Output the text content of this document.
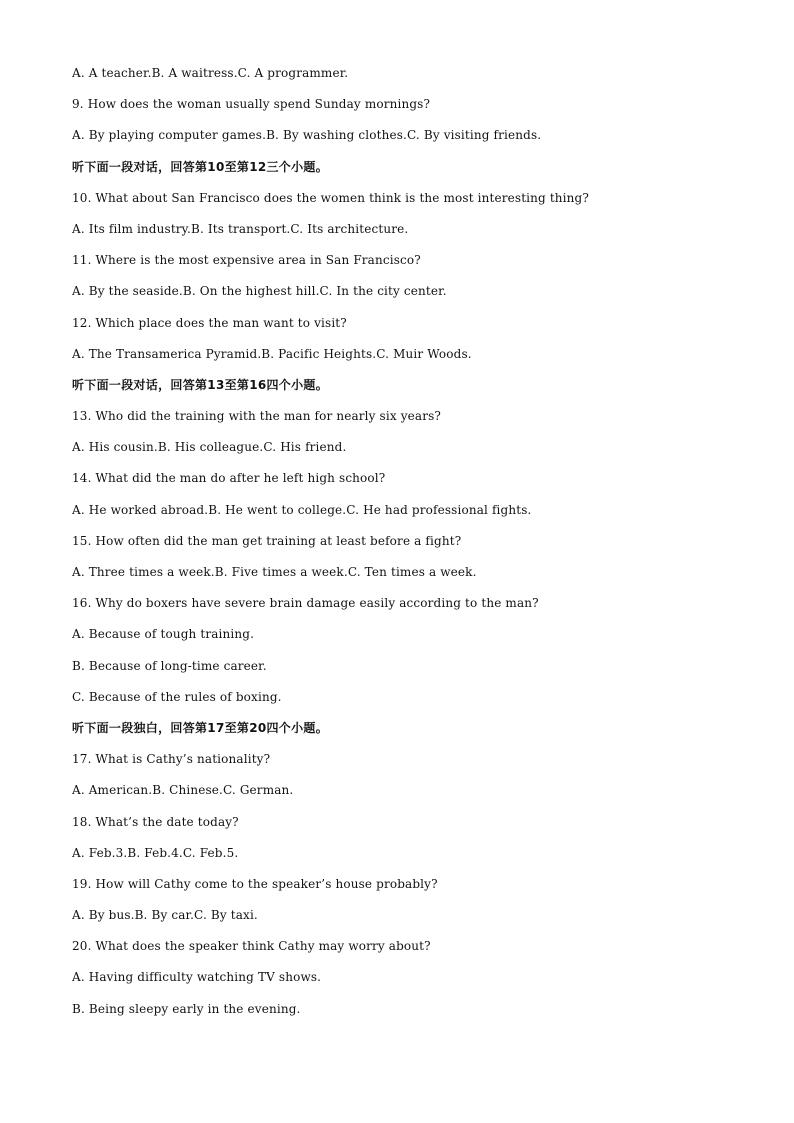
A. A teacher.B. A waitress.C. A programmer.
9. How does the woman usually spend Sunday mornings?
A. By playing computer games.B. By washing clothes.C. By visiting friends.
听下面一段对话，回答第10至第12三个小题。
10. What about San Francisco does the women think is the most interesting thing?
A. Its film industry.B. Its transport.C. Its architecture.
11. Where is the most expensive area in San Francisco?
A. By the seaside.B. On the highest hill.C. In the city center.
12. Which place does the man want to visit?
A. The Transamerica Pyramid.B. Pacific Heights.C. Muir Woods.
听下面一段对话，回答第13至第16四个小题。
13. Who did the training with the man for nearly six years?
A. His cousin.B. His colleague.C. His friend.
14. What did the man do after he left high school?
A. He worked abroad.B. He went to college.C. He had professional fights.
15. How often did the man get training at least before a fight?
A. Three times a week.B. Five times a week.C. Ten times a week.
16. Why do boxers have severe brain damage easily according to the man?
A. Because of tough training.
B. Because of long-time career.
C. Because of the rules of boxing.
听下面一段独白，回答第17至第20四个小题。
17. What is Cathy’s nationality?
A. American.B. Chinese.C. German.
18. What’s the date today?
A. Feb.3.B. Feb.4.C. Feb.5.
19. How will Cathy come to the speaker’s house probably?
A. By bus.B. By car.C. By taxi.
20. What does the speaker think Cathy may worry about?
A. Having difficulty watching TV shows.
B. Being sleepy early in the evening.
